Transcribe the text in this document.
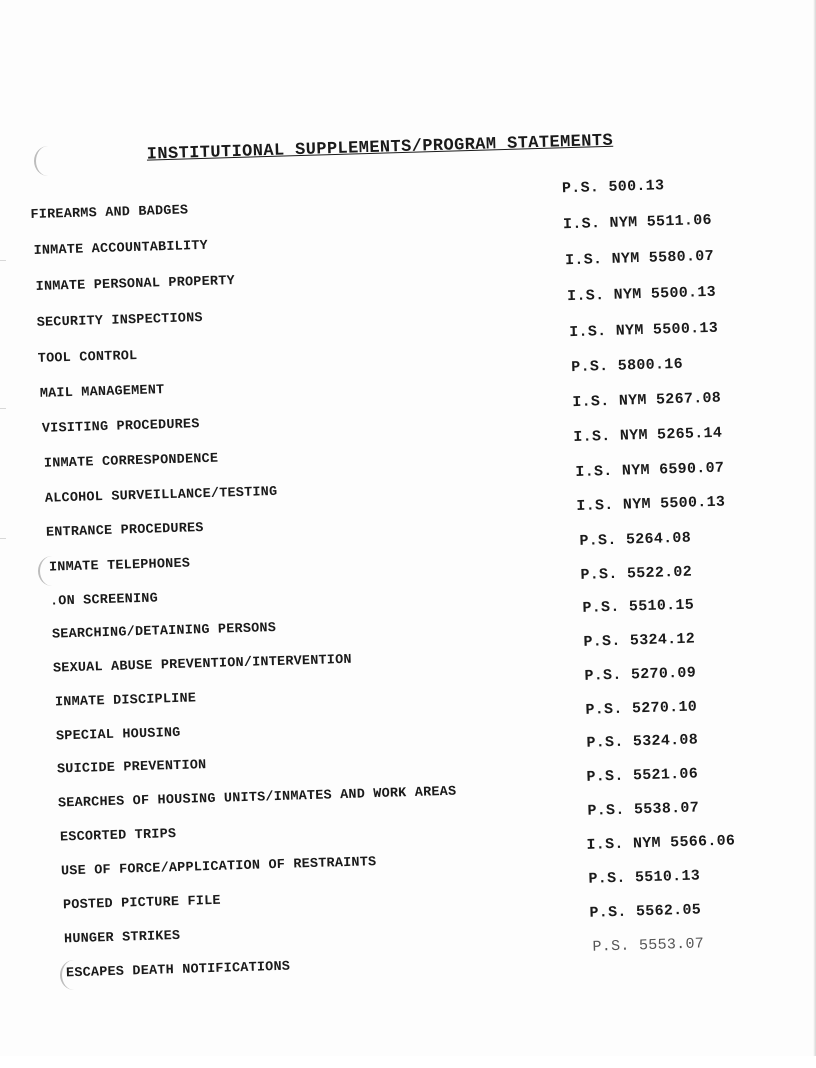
INSTITUTIONAL SUPPLEMENTS/PROGRAM STATEMENTS
FIREARMS AND BADGES
P.S. 500.13
INMATE ACCOUNTABILITY
I.S. NYM 5511.06
INMATE PERSONAL PROPERTY
I.S. NYM 5580.07
SECURITY INSPECTIONS
I.S. NYM 5500.13
TOOL CONTROL
I.S. NYM 5500.13
MAIL MANAGEMENT
P.S. 5800.16
VISITING PROCEDURES
I.S. NYM 5267.08
INMATE CORRESPONDENCE
I.S. NYM 5265.14
ALCOHOL SURVEILLANCE/TESTING
I.S. NYM 6590.07
ENTRANCE PROCEDURES
I.S. NYM 5500.13
INMATE TELEPHONES
P.S. 5264.08
.ON SCREENING
P.S. 5522.02
SEARCHING/DETAINING PERSONS
P.S. 5510.15
SEXUAL ABUSE PREVENTION/INTERVENTION
P.S. 5324.12
INMATE DISCIPLINE
P.S. 5270.09
SPECIAL HOUSING
P.S. 5270.10
SUICIDE PREVENTION
P.S. 5324.08
SEARCHES OF HOUSING UNITS/INMATES AND WORK AREAS
P.S. 5521.06
ESCORTED TRIPS
P.S. 5538.07
USE OF FORCE/APPLICATION OF RESTRAINTS
I.S. NYM 5566.06
POSTED PICTURE FILE
P.S. 5510.13
HUNGER STRIKES
P.S. 5562.05
ESCAPES DEATH NOTIFICATIONS
P.S. 5553.07
